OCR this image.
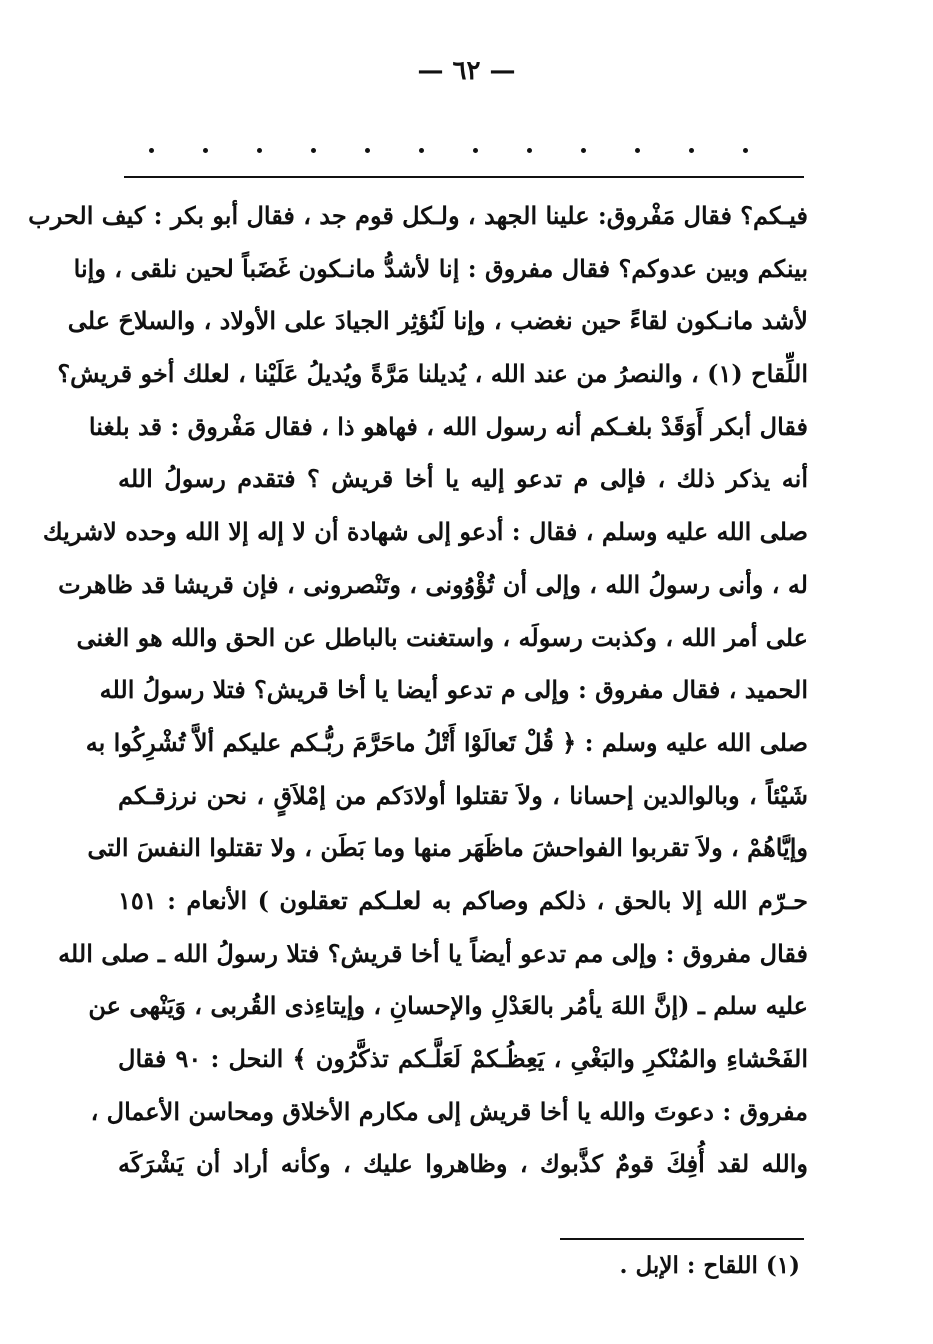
— ٦٢ —
فيـكم؟ فقال مَفْروق: علينا الجهد ، ولـكل قوم جد ، فقال أبو بكر : كيف الحرب
بينكم وبين عدوكم؟ فقال مفروق : إنا لأشدُّ مانـكون غَضَباً لحين نلقى ، وإنا
لأشد مانـكون لقاءً حين نغضب ، وإنا لَنُؤثِر الجيادَ على الأولاد ، والسلاحَ على
اللِّقاح (١) ، والنصرُ من عند الله ، يُديلنا مَرَّةً ويُديلُ عَلَيْنا ، لعلك أخو قريش؟
فقال أبكر أَوَقَدْ بلغـكم أنه رسول الله ، فهاهو ذا ، فقال مَفْروق : قد بلغنا
أنه يذكر ذلك ، فإلى م تدعو إليه يا أخا قريش ؟ فتقدم رسولُ الله
صلى الله عليه وسلم ، فقال : أدعو إلى شهادة أن لا إله إلا الله وحده لاشريك
له ، وأنى رسولُ الله ، وإلى أن تُؤْوُونى ، وتَنْصرونى ، فإن قريشا قد ظاهرت
على أمر الله ، وكذبت رسولَه ، واستغنت بالباطل عن الحق والله هو الغنى
الحميد ، فقال مفروق : وإلى م تدعو أيضا يا أخا قريش؟ فتلا رسولُ الله
صلى الله عليه وسلم : ﴿ قُلْ تَعالَوْا أَتْلُ ماحَرَّمَ ربُّـكم عليكم ألاَّ تُشْرِكُوا به
شَيْئاً ، وبالوالدين إحسانا ، ولاَ تقتلوا أولادَكم من إمْلاَقٍ ، نحن نرزقـكم
وإيَّاهُمْ ، ولاَ تقربوا الفواحشَ ماظَهَر منها وما بَطَن ، ولا تقتلوا النفسَ التى
حـرّم الله إلا بالحق ، ذلكم وصاكم به لعلـكم تعقلون ) الأنعام : ١٥١
فقال مفروق : وإلى مم تدعو أيضاً يا أخا قريش؟ فتلا رسولُ الله ـ صلى الله
عليه سلم ـ (إنَّ اللهَ يأمُر بالعَدْلِ والإحسانِ ، وإيتاءِذى القُربى ، وَيَنْهى عن
الفَحْشاءِ والمُنْكرِ والبَغْىِ ، يَعِظُـكمْ لَعَلَّـكم تذكَّرُون ﴾ النحل : ٩٠ فقال
مفروق : دعوتَ والله يا أخا قريش إلى مكارم الأخلاق ومحاسن الأعمال ،
والله لقد أُفِكَ قومٌ كذَّبوك ، وظاهروا عليك ، وكأنه أراد أن يَشْرَكَه
(١) اللقاح : الإبل .
